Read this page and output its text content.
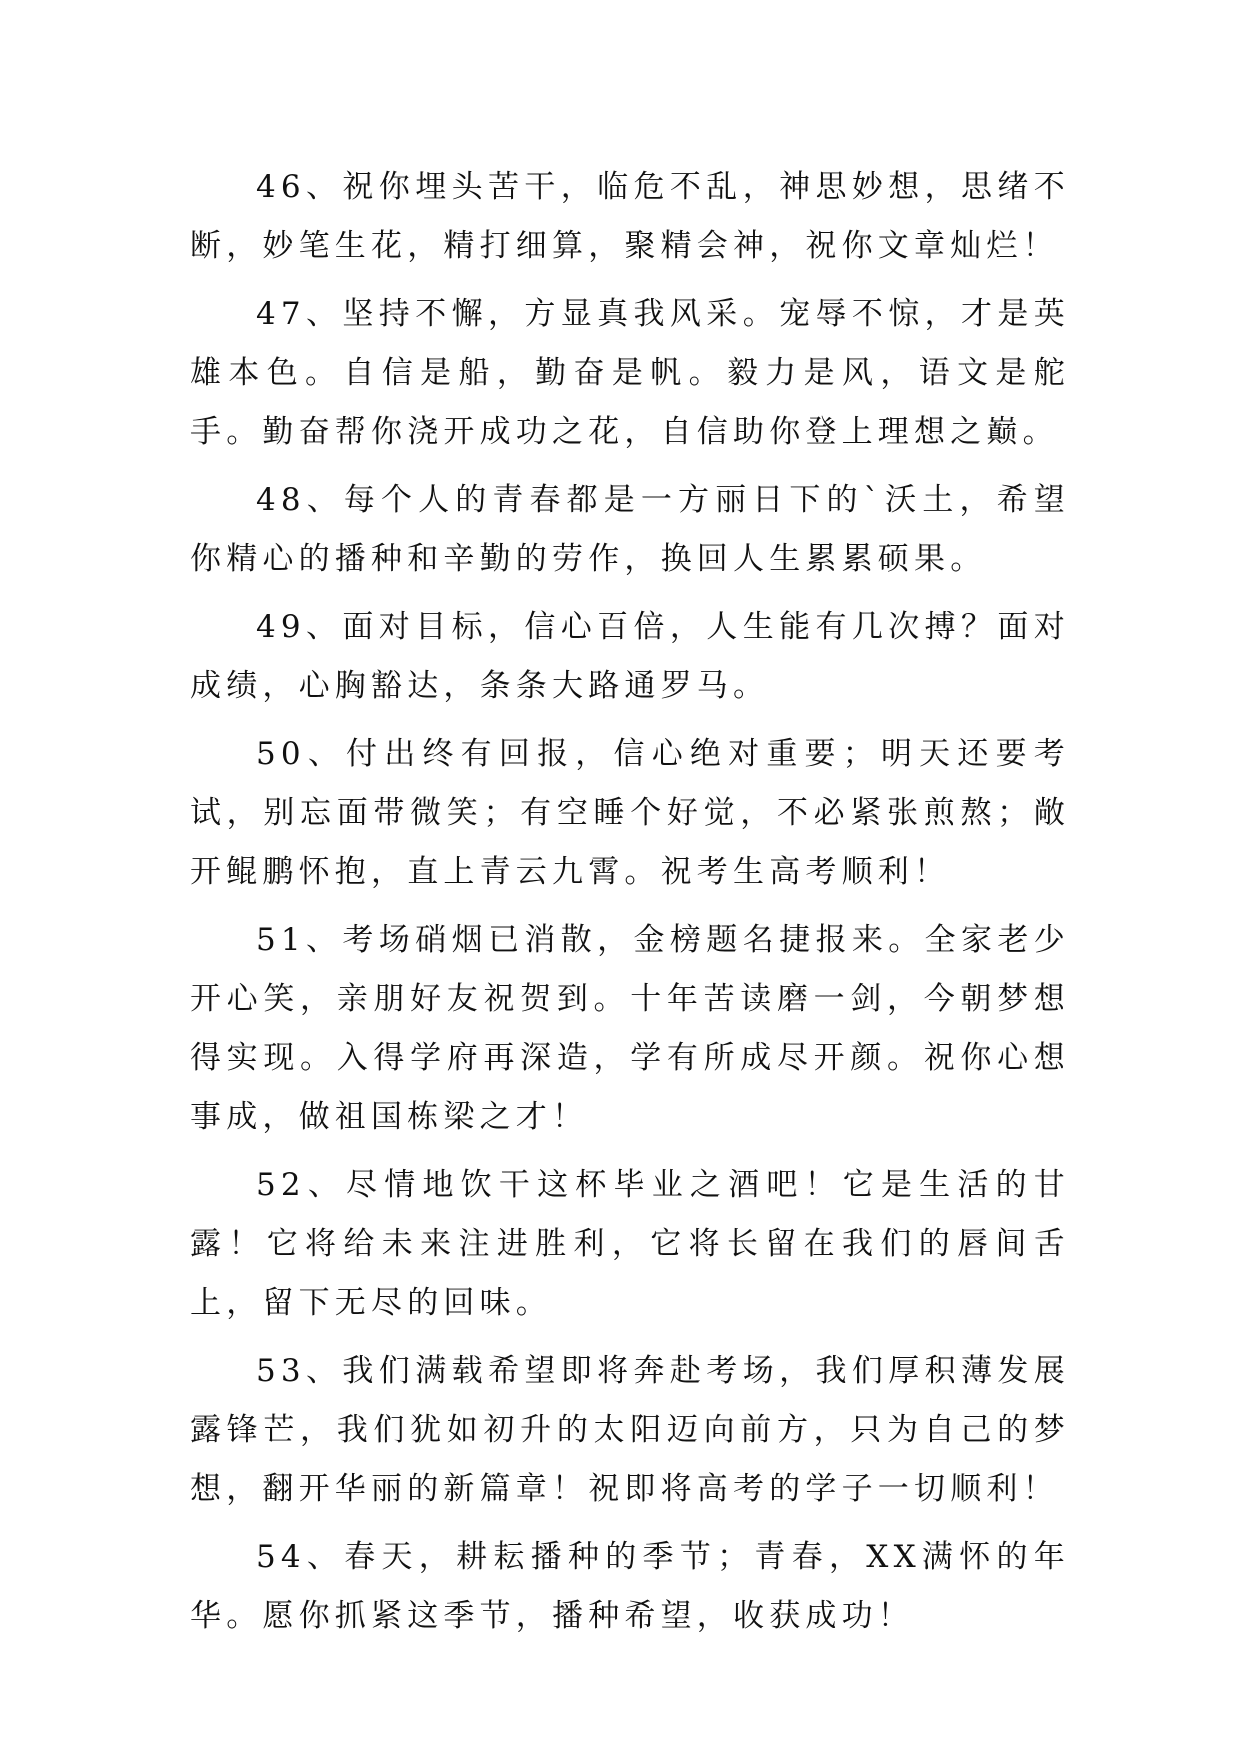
46、祝你埋头苦干，临危不乱，神思妙想，思绪不断，妙笔生花，精打细算，聚精会神，祝你文章灿烂！

47、坚持不懈，方显真我风采。宠辱不惊，才是英雄本色。自信是船，勤奋是帆。毅力是风，语文是舵手。勤奋帮你浇开成功之花，自信助你登上理想之巅。

48、每个人的青春都是一方丽日下的`沃土，希望你精心的播种和辛勤的劳作，换回人生累累硕果。

49、面对目标，信心百倍，人生能有几次搏？面对成绩，心胸豁达，条条大路通罗马。

50、付出终有回报，信心绝对重要；明天还要考试，别忘面带微笑；有空睡个好觉，不必紧张煎熬；敞开鲲鹏怀抱，直上青云九霄。祝考生高考顺利！

51、考场硝烟已消散，金榜题名捷报来。全家老少开心笑，亲朋好友祝贺到。十年苦读磨一剑，今朝梦想得实现。入得学府再深造，学有所成尽开颜。祝你心想事成，做祖国栋梁之才！

52、尽情地饮干这杯毕业之酒吧！它是生活的甘露！它将给未来注进胜利，它将长留在我们的唇间舌上，留下无尽的回味。

53、我们满载希望即将奔赴考场，我们厚积薄发展露锋芒，我们犹如初升的太阳迈向前方，只为自己的梦想，翻开华丽的新篇章！祝即将高考的学子一切顺利！

54、春天，耕耘播种的季节；青春，XX满怀的年华。愿你抓紧这季节，播种希望，收获成功！
